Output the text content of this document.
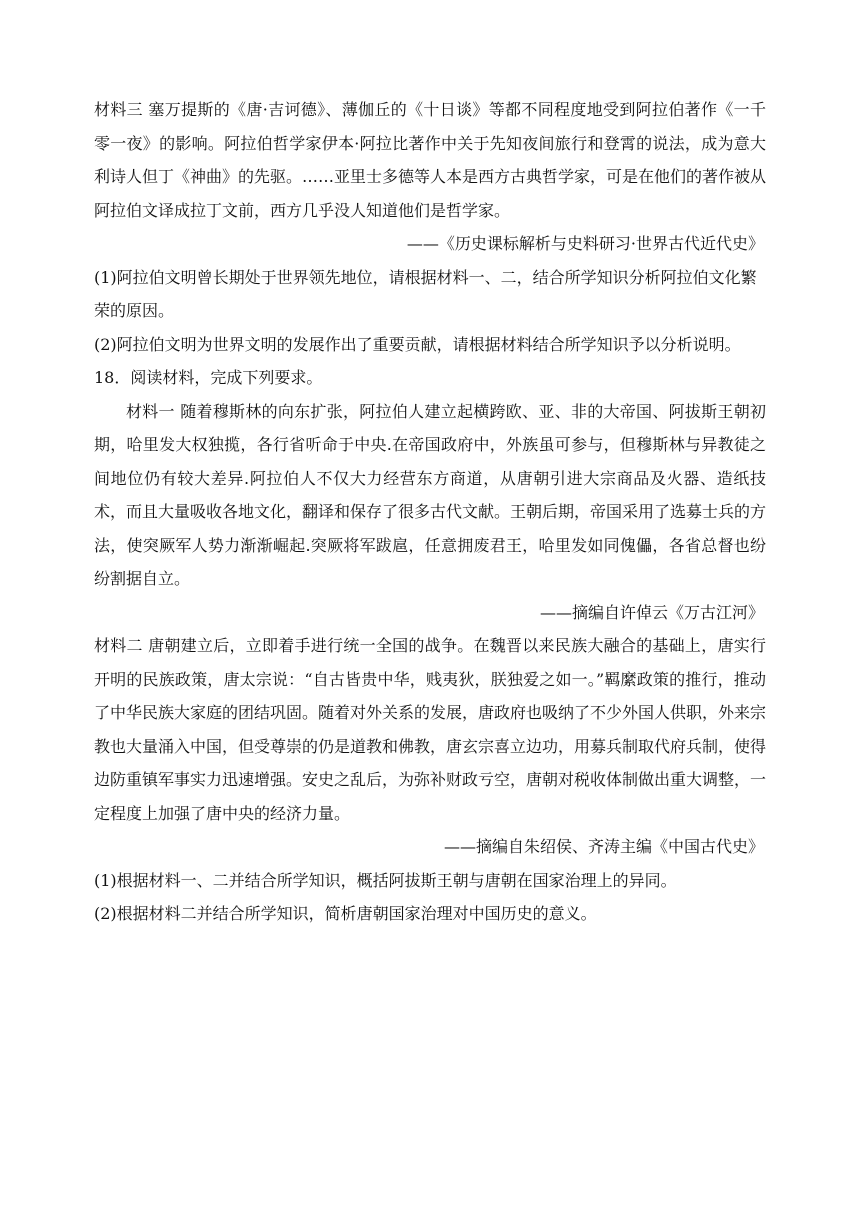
材料三 塞万提斯的《唐·吉诃德》、薄伽丘的《十日谈》等都不同程度地受到阿拉伯著作《一千零一夜》的影响。阿拉伯哲学家伊本·阿拉比著作中关于先知夜间旅行和登霄的说法，成为意大利诗人但丁《神曲》的先驱。……亚里士多德等人本是西方古典哲学家，可是在他们的著作被从阿拉伯文译成拉丁文前，西方几乎没人知道他们是哲学家。

——《历史课标解析与史料研习·世界古代近代史》

(1)阿拉伯文明曾长期处于世界领先地位，请根据材料一、二，结合所学知识分析阿拉伯文化繁荣的原因。

(2)阿拉伯文明为世界文明的发展作出了重要贡献，请根据材料结合所学知识予以分析说明。

18．阅读材料，完成下列要求。

材料一 随着穆斯林的向东扩张，阿拉伯人建立起横跨欧、亚、非的大帝国、阿拔斯王朝初期，哈里发大权独揽，各行省听命于中央.在帝国政府中，外族虽可参与，但穆斯林与异教徒之间地位仍有较大差异.阿拉伯人不仅大力经营东方商道，从唐朝引进大宗商品及火器、造纸技术，而且大量吸收各地文化，翻译和保存了很多古代文献。王朝后期，帝国采用了选募士兵的方法，使突厥军人势力渐渐崛起.突厥将军跋扈，任意拥废君王，哈里发如同傀儡，各省总督也纷纷割据自立。

——摘编自许倬云《万古江河》

材料二 唐朝建立后，立即着手进行统一全国的战争。在魏晋以来民族大融合的基础上，唐实行开明的民族政策，唐太宗说：“自古皆贵中华，贱夷狄，朕独爱之如一。”羁縻政策的推行，推动了中华民族大家庭的团结巩固。随着对外关系的发展，唐政府也吸纳了不少外国人供职，外来宗教也大量涌入中国，但受尊崇的仍是道教和佛教，唐玄宗喜立边功，用募兵制取代府兵制，使得边防重镇军事实力迅速增强。安史之乱后，为弥补财政亏空，唐朝对税收体制做出重大调整，一定程度上加强了唐中央的经济力量。

——摘编自朱绍侯、齐涛主编《中国古代史》

(1)根据材料一、二并结合所学知识，概括阿拔斯王朝与唐朝在国家治理上的异同。

(2)根据材料二并结合所学知识，简析唐朝国家治理对中国历史的意义。
